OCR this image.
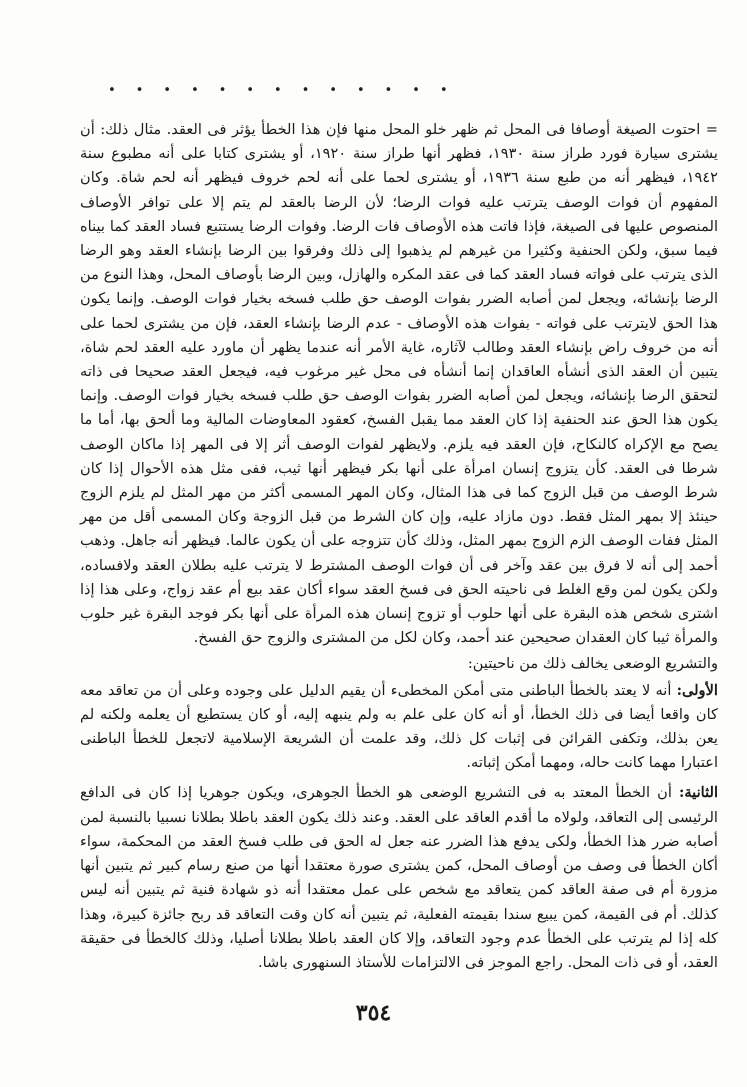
• • • • • • • • • • • • •

= احتوت الصيغة أوصافا فى المحل ثم ظهر خلو المحل منها فإن هذا الخطأ يؤثر فى العقد. مثال ذلك: أن يشترى سيارة فورد طراز سنة ١٩٣٠، فظهر أنها طراز سنة ١٩٢٠، أو يشترى كتابا على أنه مطبوع سنة ١٩٤٢، فيظهر أنه من طبع سنة ١٩٣٦، أو يشترى لحما على أنه لحم خروف فيظهر أنه لحم شاة. وكان المفهوم أن فوات الوصف يترتب عليه فوات الرضا؛ لأن الرضا بالعقد لم يتم إلا على توافر الأوصاف المنصوص عليها فى الصيغة، فإذا فاتت هذه الأوصاف فات الرضا. وفوات الرضا يستتبع فساد العقد كما بيناه فيما سبق، ولكن الحنفية وكثيرا من غيرهم لم يذهبوا إلى ذلك وفرقوا بين الرضا بإنشاء العقد وهو الرضا الذى يترتب على فواته فساد العقد كما فى عقد المكره والهازل، وبين الرضا بأوصاف المحل، وهذا النوع من الرضا بإنشائه، ويجعل لمن أصابه الضرر بفوات الوصف حق طلب فسخه بخيار فوات الوصف. وإنما يكون هذا الحق لايترتب على فواته - بفوات هذه الأوصاف - عدم الرضا بإنشاء العقد، فإن من يشترى لحما على أنه من خروف راض بإنشاء العقد وطالب لآثاره، غاية الأمر أنه عندما يظهر أن ماورد عليه العقد لحم شاة، يتبين أن العقد الذى أنشأه العاقدان إنما أنشأه فى محل غير مرغوب فيه، فيجعل العقد صحيحا فى ذاته لتحقق الرضا بإنشائه، ويجعل لمن أصابه الضرر بفوات الوصف حق طلب فسخه بخيار فوات الوصف. وإنما يكون هذا الحق عند الحنفية إذا كان العقد مما يقبل الفسخ، كعقود المعاوضات المالية وما ألحق بها، أما ما يصح مع الإكراه كالنكاح، فإن العقد فيه يلزم. ولايظهر لفوات الوصف أثر إلا فى المهر إذا ماكان الوصف شرطا فى العقد. كأن يتزوج إنسان امرأة على أنها بكر فيظهر أنها ثيب، ففى مثل هذه الأحوال إذا كان شرط الوصف من قبل الزوج كما فى هذا المثال، وكان المهر المسمى أكثر من مهر المثل لم يلزم الزوج حينئذ إلا بمهر المثل فقط. دون مازاد عليه، وإن كان الشرط من قبل الزوجة وكان المسمى أقل من مهر المثل ففات الوصف الزم الزوج بمهر المثل، وذلك كأن تتزوجه على أن يكون عالما. فيظهر أنه جاهل. وذهب أحمد إلى أنه لا فرق بين عقد وآخر فى أن فوات الوصف المشترط لا يترتب عليه بطلان العقد ولافساده، ولكن يكون لمن وقع الغلط فى ناحيته الحق فى فسخ العقد سواء أكان عقد بيع أم عقد زواج، وعلى هذا إذا اشترى شخص هذه البقرة على أنها حلوب أو تزوج إنسان هذه المرأة على أنها بكر فوجد البقرة غير حلوب والمرأة ثيبا كان العقدان صحيحين عند أحمد، وكان لكل من المشترى والزوج حق الفسخ.

والتشريع الوضعى يخالف ذلك من ناحيتين:

الأولى: أنه لا يعتد بالخطأ الباطنى متى أمكن المخطىء أن يقيم الدليل على وجوده وعلى أن من تعاقد معه كان واقعا أيضا فى ذلك الخطأ، أو أنه كان على علم به ولم ينبهه إليه، أو كان يستطيع أن يعلمه ولكنه لم يعن بذلك، وتكفى القرائن فى إثبات كل ذلك، وقد علمت أن الشريعة الإسلامية لاتجعل للخطأ الباطنى اعتبارا مهما كانت حاله، ومهما أمكن إثباته.

الثانية: أن الخطأ المعتد به فى التشريع الوضعى هو الخطأ الجوهرى، ويكون جوهريا إذا كان فى الدافع الرئيسى إلى التعاقد، ولولاه ما أقدم العاقد على العقد. وعند ذلك يكون العقد باطلا بطلانا نسبيا بالنسبة لمن أصابه ضرر هذا الخطأ، ولكى يدفع هذا الضرر عنه جعل له الحق فى طلب فسخ العقد من المحكمة، سواء أكان الخطأ فى وصف من أوصاف المحل، كمن يشترى صورة معتقدا أنها من صنع رسام كبير ثم يتبين أنها مزورة أم فى صفة العاقد كمن يتعاقد مع شخص على عمل معتقدا أنه ذو شهادة فنية ثم يتبين أنه ليس كذلك. أم فى القيمة، كمن يبيع سندا بقيمته الفعلية، ثم يتبين أنه كان وقت التعاقد قد ربح جائزة كبيرة، وهذا كله إذا لم يترتب على الخطأ عدم وجود التعاقد، وإلا كان العقد باطلا بطلانا أصليا، وذلك كالخطأ فى حقيقة العقد، أو فى ذات المحل. راجع الموجز فى الالتزامات للأستاذ السنهورى باشا.

٣٥٤
